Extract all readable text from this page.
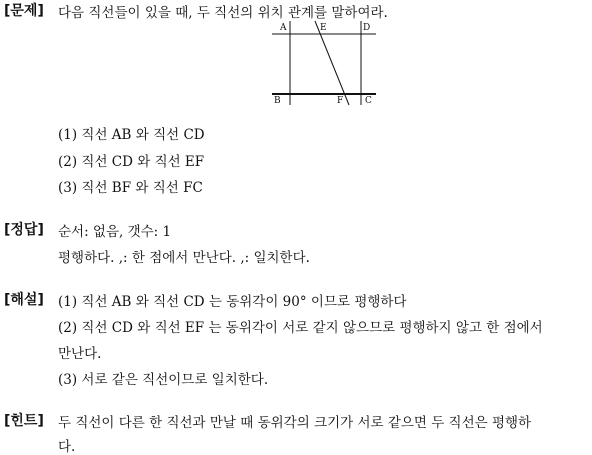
[문제] 다음 직선들이 있을 때, 두 직선의 위치 관계를 말하여라.
A	E	D
B	F C
(1) 직선 AB 와 직선 CD
(2) 직선 CD 와 직선 EF
(3) 직선 BF 와 직선 FC
[정답] 순서: 없음, 갯수: 1
평행하다. ,: 한 점에서 만난다. ,: 일치한다.
[해설] (1) 직선 AB 와 직선 CD 는 동위각이 90° 이므로 평행하다
(2) 직선 CD 와 직선 EF 는 동위각이 서로 같지 않으므로 평행하지 않고 한 점에서
만난다.
(3) 서로 같은 직선이므로 일치한다.
[힌트] 두 직선이 다른 한 직선과 만날 때 동위각의 크기가 서로 같으면 두 직선은 평행하
다.
